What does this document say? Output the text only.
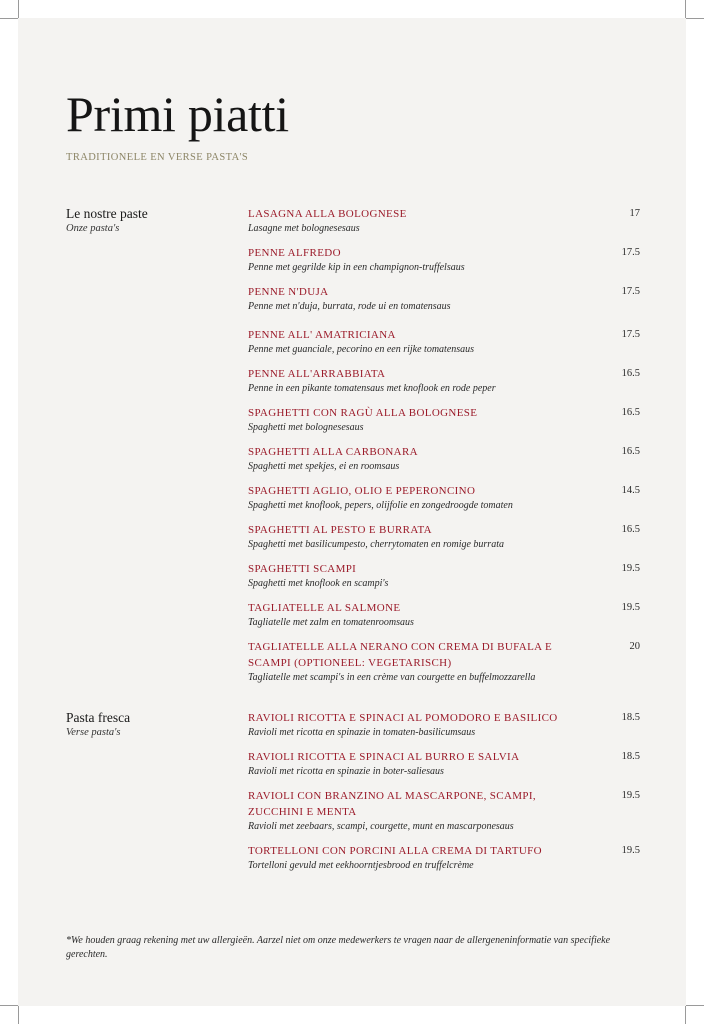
Primi piatti
TRADITIONELE EN VERSE PASTA'S
Le nostre paste
Onze pasta's
LASAGNA ALLA BOLOGNESE
Lasagne met bolognesesaus
17
PENNE ALFREDO
Penne met gegrilde kip in een champignon-truffelsaus
17.5
PENNE N'DUJA
Penne met n'duja, burrata, rode ui en tomatensaus
17.5
PENNE ALL' AMATRICIANA
Penne met guanciale, pecorino en een rijke tomatensaus
17.5
PENNE ALL'ARRABBIATA
Penne in een pikante tomatensaus met knoflook en rode peper
16.5
SPAGHETTI CON RAGÙ ALLA BOLOGNESE
Spaghetti met bolognesesaus
16.5
SPAGHETTI ALLA CARBONARA
Spaghetti met spekjes, ei en roomsaus
16.5
SPAGHETTI AGLIO, OLIO E PEPERONCINO
Spaghetti met knoflook, pepers, olijfolie en zongedroogde tomaten
14.5
SPAGHETTI AL PESTO E BURRATA
Spaghetti met basilicumpesto, cherrytomaten en romige burrata
16.5
SPAGHETTI SCAMPI
Spaghetti met knoflook en scampi's
19.5
TAGLIATELLE AL SALMONE
Tagliatelle met zalm en tomatenroomsaus
19.5
TAGLIATELLE ALLA NERANO CON CREMA DI BUFALA E SCAMPI (OPTIONEEL: VEGETARISCH)
Tagliatelle met scampi's in een crème van courgette en buffelmozzarella
20
Pasta fresca
Verse pasta's
RAVIOLI RICOTTA E SPINACI AL POMODORO E BASILICO
Ravioli met ricotta en spinazie in tomaten-basilicumsaus
18.5
RAVIOLI RICOTTA E SPINACI AL BURRO E SALVIA
Ravioli met ricotta en spinazie in boter-saliesaus
18.5
RAVIOLI CON BRANZINO AL MASCARPONE, SCAMPI, ZUCCHINI E MENTA
Ravioli met zeebaars, scampi, courgette, munt en mascarponesaus
19.5
TORTELLONI CON PORCINI ALLA CREMA DI TARTUFO
Tortelloni gevuld met eekhoorntjesbrood en truffelcrème
19.5
*We houden graag rekening met uw allergieën. Aarzel niet om onze medewerkers te vragen naar de allergeneninformatie van specifieke gerechten.
